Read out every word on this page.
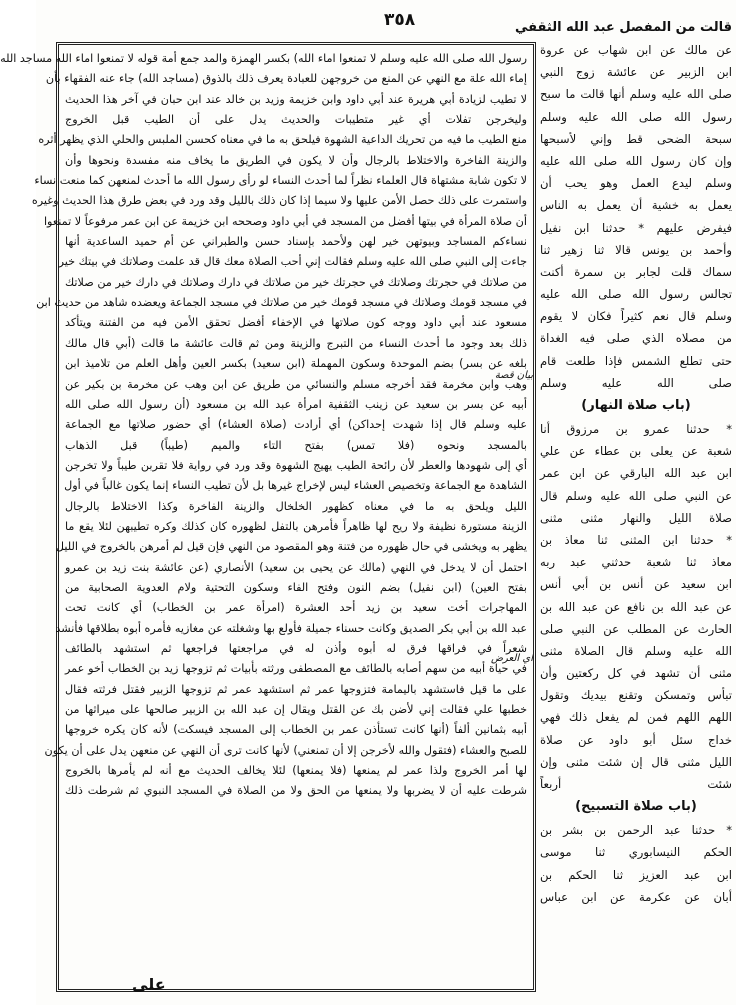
٣٥٨
بيان قصة
اي العرض
رسول الله صلى الله عليه وسلم لا تمنعوا اماء الله) بكسر الهمزة والمد جمع أمة قوله لا تمنعوا اماء الله مساجد الله
إماء الله علة مع النهي عن المنع من خروجهن للعبادة يعرف ذلك بالذوق (مساجد الله) جاء عنه الفقهاء بأن
لا تطيب لزيادة أبي هريرة عند أبي داود وابن خزيمة وزيد بن خالد عند ابن حبان في آخر هذا الحديث
وليخرجن تفلات أي غير متطيبات والحديث يدل على أن الطيب قبل الخروج
منع الطيب ما فيه من تحريك الداعية الشهوة فيلحق به ما في معناه كحسن الملبس والحلي الذي يظهر أثره
والزينة الفاخرة والاختلاط بالرجال وأن لا يكون في الطريق ما يخاف منه مفسدة ونحوها وأن
لا تكون شابة مشتهاة قال العلماء نظراً لما أحدث النساء لو رأى رسول الله ما أحدث لمنعهن كما منعت نساء
واستمرت على ذلك حصل الأمن عليها ولا سيما إذا كان ذلك بالليل وقد ورد في بعض طرق هذا الحديث وغيره
أن صلاة المرأة في بيتها أفضل من المسجد في أبي داود وصححه ابن خزيمة عن ابن عمر مرفوعاً لا تمنعوا
نساءكم المساجد وبيوتهن خير لهن ولأحمد بإسناد حسن والطبراني عن أم حميد الساعدية أنها
جاءت إلى النبي صلى الله عليه وسلم فقالت إني أحب الصلاة معك قال قد علمت وصلاتك في بيتك خير
من صلاتك في حجرتك وصلاتك في حجرتك خير من صلاتك في دارك وصلاتك في دارك خير من صلاتك
في مسجد قومك وصلاتك في مسجد قومك خير من صلاتك في مسجد الجماعة ويعضده شاهد من حديث ابن
مسعود عند أبي داود ووجه كون صلاتها في الإخفاء أفضل تحقق الأمن فيه من الفتنة ويتأكد
ذلك بعد وجود ما أحدث النساء من التبرج والزينة ومن ثم قالت عائشة ما قالت (أبي قال مالك
بلغه عن بسر) بضم الموحدة وسكون المهملة (ابن سعيد) بكسر العين وأهل العلم من تلاميذ ابن
وهب وابن مخرمة فقد أخرجه مسلم والنسائي من طريق عن ابن وهب عن مخرمة بن بكير عن
أبيه عن بسر بن سعيد عن زينب الثقفية امرأة عبد الله بن مسعود (أن رسول الله صلى الله
عليه وسلم قال إذا شهدت إحداكن) أي أرادت (صلاة العشاء) أي حضور صلاتها مع الجماعة
بالمسجد ونحوه (فلا تمس) بفتح التاء والميم (طيباً) قبل الذهاب
أي إلى شهودها والعطر لأن رائحة الطيب يهيج الشهوة وقد ورد في رواية فلا تقربن طيباً ولا تخرجن
الشاهدة مع الجماعة وتخصيص العشاء ليس لإخراج غيرها بل لأن تطيب النساء إنما يكون غالباً في أول
الليل ويلحق به ما في معناه كظهور الخلخال والزينة الفاخرة وكذا الاختلاط بالرجال
الزينة مستورة نظيفة ولا ريح لها ظاهراً فأمرهن بالتفل لظهوره كان كذلك وكره تطيبهن لئلا يقع ما
يظهر به ويخشى في حال ظهوره من فتنة وهو المقصود من النهي فإن قيل لم أمرهن بالخروج في الليل
احتمل أن لا يدخل في النهي (مالك عن يحيى بن سعيد) الأنصاري (عن عائشة بنت زيد بن عمرو
بفتح العين) (ابن نفيل) بضم النون وفتح الفاء وسكون التحتية ولام العدوية الصحابية من
المهاجرات أخت سعيد بن زيد أحد العشرة (امرأة عمر بن الخطاب) أي كانت تحت
عبد الله بن أبي بكر الصديق وكانت حسناء جميلة فأولع بها وشغلته عن مغازيه فأمره أبوه بطلاقها فأنشد
شعراً في فراقها فرق له أبوه وأذن له في مراجعتها فراجعها ثم استشهد بالطائف
في حياة أبيه من سهم أصابه بالطائف مع المصطفى ورثته بأبيات ثم تزوجها زيد بن الخطاب أخو عمر
على ما قيل فاستشهد باليمامة فتزوجها عمر ثم استشهد عمر ثم تزوجها الزبير فقتل فرثته فقال
خطبها علي فقالت إني لأضن بك عن القتل ويقال إن عبد الله بن الزبير صالحها على ميراثها من
أبيه بثمانين ألفاً (أنها كانت تستأذن عمر بن الخطاب إلى المسجد فيسكت) لأنه كان يكره خروجها
للصبح والعشاء (فتقول والله لأخرجن إلا أن تمنعني) لأنها كانت ترى أن النهي عن منعهن يدل على أن يكون
لها أمر الخروج ولذا عمر لم يمنعها (فلا يمنعها) لئلا يخالف الحديث مع أنه لم يأمرها بالخروج
شرطت عليه أن لا يضربها ولا يمنعها من الحق ولا من الصلاة في المسجد النبوي ثم شرطت ذلك
قالت من المفصل عبد الله الثقفي
عن مالك عن ابن شهاب عن عروة
ابن الزبير عن عائشة زوج النبي
صلى الله عليه وسلم أنها قالت ما سبح
رسول الله صلى الله عليه وسلم
سبحة الضحى قط وإني لأسبحها
وإن كان رسول الله صلى الله عليه
وسلم ليدع العمل وهو يحب أن
يعمل به خشية أن يعمل به الناس
فيفرض عليهم * حدثنا ابن نفيل
وأحمد بن يونس قالا ثنا زهير ثنا
سماك قلت لجابر بن سمرة أكنت
تجالس رسول الله صلى الله عليه
وسلم قال نعم كثيراً فكان لا يقوم
من مصلاه الذي صلى فيه الغداة
حتى تطلع الشمس فإذا طلعت قام
صلى الله عليه وسلم
(باب صلاة النهار)
* حدثنا عمرو بن مرزوق أنا
شعبة عن يعلى بن عطاء عن علي
ابن عبد الله البارقي عن ابن عمر
عن النبي صلى الله عليه وسلم قال
صلاة الليل والنهار مثنى مثنى
* حدثنا ابن المثنى ثنا معاذ بن
معاذ ثنا شعبة حدثني عبد ربه
ابن سعيد عن أنس بن أبي أنس
عن عبد الله بن نافع عن عبد الله بن
الحارث عن المطلب عن النبي صلى
الله عليه وسلم قال الصلاة مثنى
مثنى أن تشهد في كل ركعتين وأن
تبأس وتمسكن وتقنع بيديك وتقول
اللهم اللهم فمن لم يفعل ذلك فهي
خداج سئل أبو داود عن صلاة
الليل مثنى قال إن شئت مثنى وإن
شئت أربعاً
(باب صلاة التسبيح)
* حدثنا عبد الرحمن بن بشر بن
الحكم النيسابوري ثنا موسى
ابن عبد العزيز ثنا الحكم بن
أبان عن عكرمة عن ابن عباس
على
